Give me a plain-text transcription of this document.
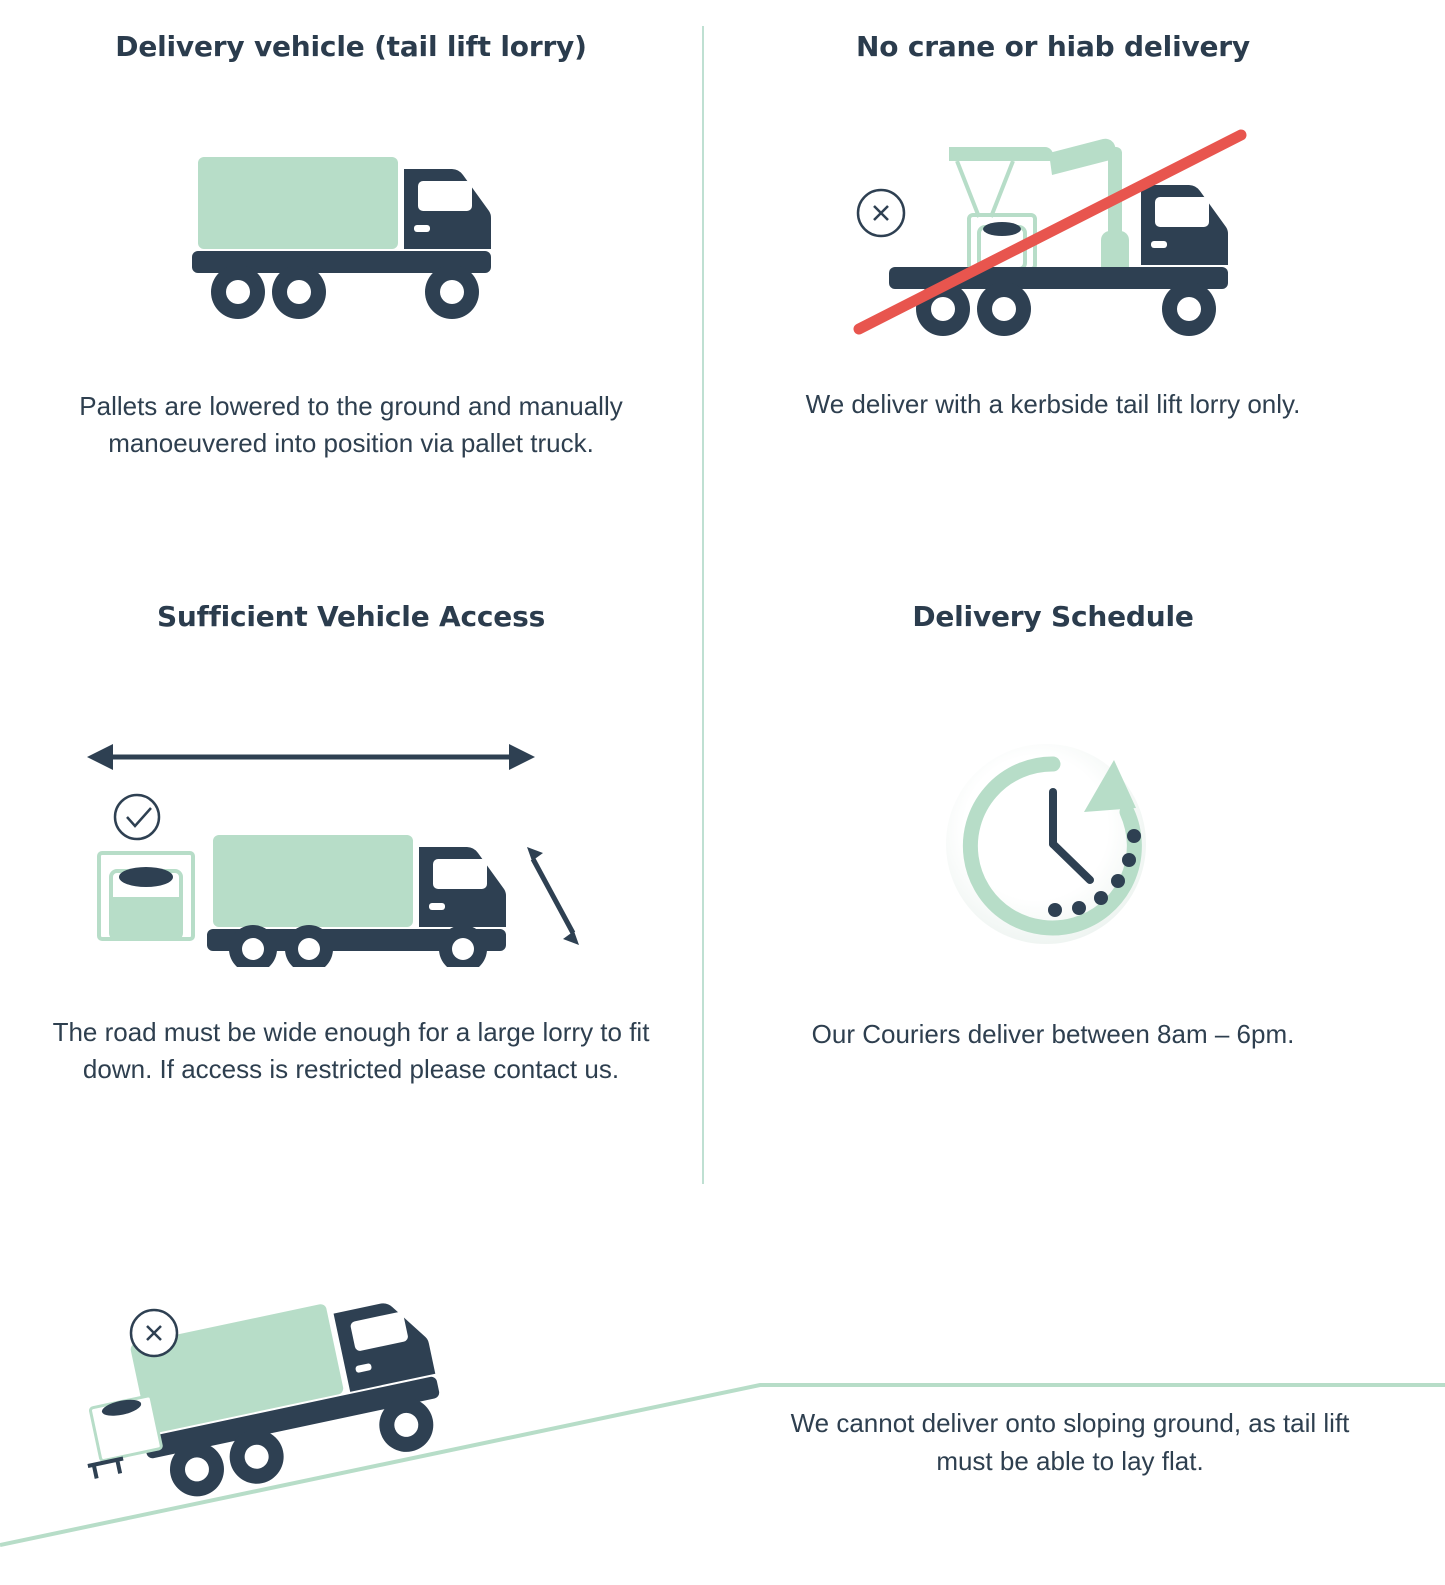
Delivery vehicle (tail lift lorry)
Pallets are lowered to the ground and manually manoeuvered into position via pallet truck.
No crane or hiab delivery
We deliver with a kerbside tail lift lorry only.
Sufficient Vehicle Access
The road must be wide enough for a large lorry to fit down. If access is restricted please contact us.
Delivery Schedule
Our Couriers deliver between 8am – 6pm.
We cannot deliver onto sloping ground, as tail lift must be able to lay flat.
